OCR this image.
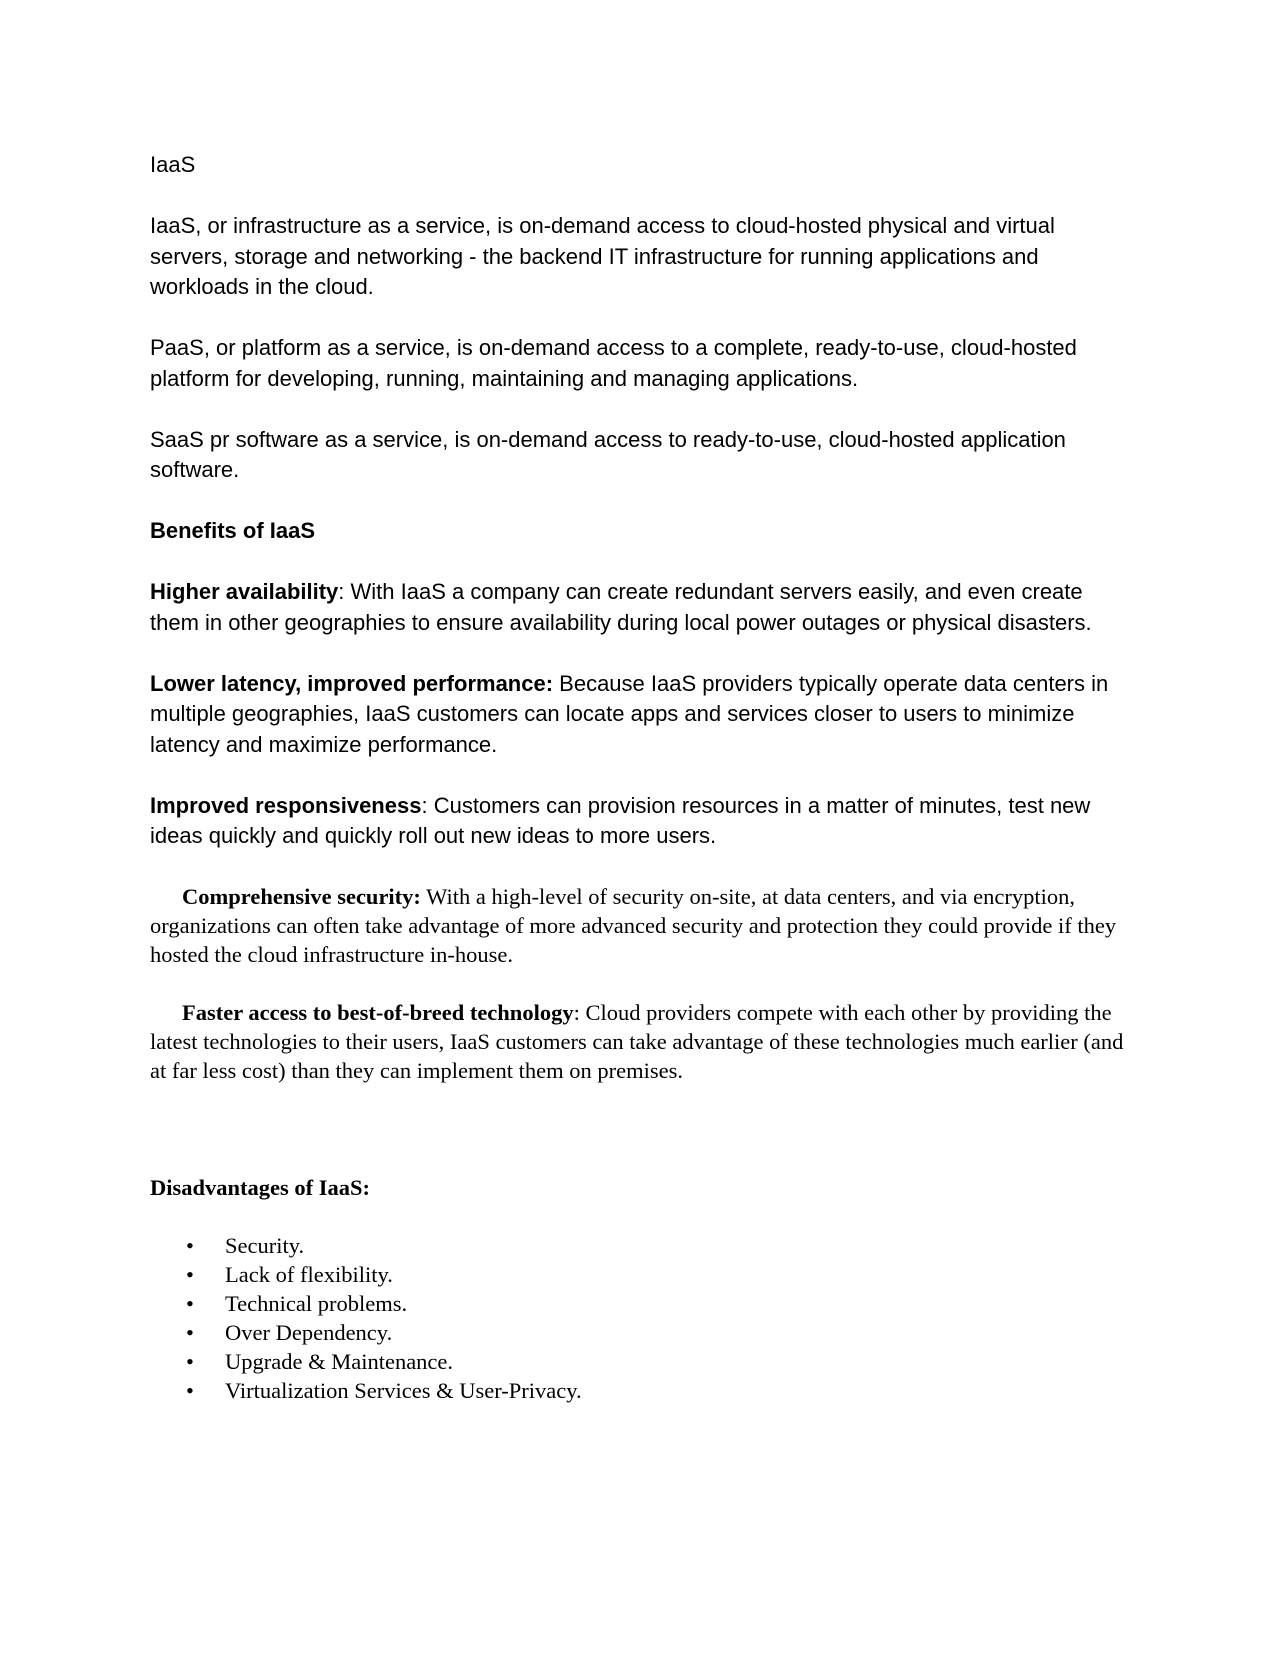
IaaS

IaaS, or infrastructure as a service, is on-demand access to cloud-hosted physical and virtual servers, storage and networking - the backend IT infrastructure for running applications and workloads in the cloud.

PaaS, or platform as a service, is on-demand access to a complete, ready-to-use, cloud-hosted platform for developing, running, maintaining and managing applications.

SaaS pr software as a service, is on-demand access to ready-to-use, cloud-hosted application software.

Benefits of IaaS

Higher availability: With IaaS a company can create redundant servers easily, and even create them in other geographies to ensure availability during local power outages or physical disasters.

Lower latency, improved performance: Because IaaS providers typically operate data centers in multiple geographies, IaaS customers can locate apps and services closer to users to minimize latency and maximize performance.

Improved responsiveness: Customers can provision resources in a matter of minutes, test new ideas quickly and quickly roll out new ideas to more users.

Comprehensive security: With a high-level of security on-site, at data centers, and via encryption, organizations can often take advantage of more advanced security and protection they could provide if they hosted the cloud infrastructure in-house.

Faster access to best-of-breed technology: Cloud providers compete with each other by providing the latest technologies to their users, IaaS customers can take advantage of these technologies much earlier (and at far less cost) than they can implement them on premises.

Disadvantages of IaaS:

• Security.
• Lack of flexibility.
• Technical problems.
• Over Dependency.
• Upgrade & Maintenance.
• Virtualization Services & User-Privacy.
